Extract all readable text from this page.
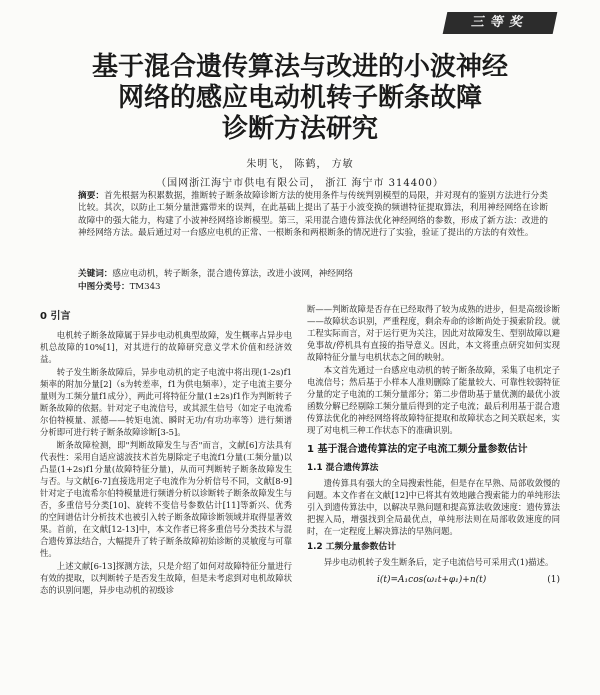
三等奖
基于混合遗传算法与改进的小波神经
网络的感应电动机转子断条故障
诊断方法研究
朱明飞， 陈鹤， 方敏
（国网浙江海宁市供电有限公司， 浙江 海宁市 314400）
摘要：首先根据为积累数据，推断转子断条故障诊断方法的使用条件与传统判别模型的局限，并对现有的鉴别方法进行分类比较。其次，以防止工频分量泄露带来的误判，在此基础上提出了基于小波变换的频谱特征提取算法，利用神经网络在诊断故障中的强大能力，构建了小波神经网络诊断模型。第三，采用混合遗传算法优化神经网络的参数，形成了新方法：改进的神经网络方法。最后通过对一台感应电机的正常、一根断条和两根断条的情况进行了实验，验证了提出的方法的有效性。
关键词：感应电动机，转子断条，混合遗传算法，改进小波网，神经网络
中图分类号：TM343
0 引言

电机转子断条故障属于异步电动机典型故障，发生概率占异步电机总故障的10%[1]，对其进行的故障研究意义学术价值和经济效益。

转子发生断条故障后，异步电动机的定子电流中将出现(1-2s)f1频率的附加分量[2]（s为转差率，f1为供电频率），定子电流主要分量则为工频分量f1成分），两此可将特征分量(1±2s)f1作为判断转子断条故障的依据。针对定子电流信号，或其派生信号（如定子电流希尔伯特模量、派德——转矩电流、瞬时无功/有功功率等）进行频谱分析即可进行转子断条故障诊断[3-5]。

断条故障检测，即"判断故障发生与否"而言，文献[6]方法具有代表性：采用自适应滤波技术首先剔除定子电流f1分量(工频分量)以凸显(1+2s)f1分量(故障特征分量)，从而可判断转子断条故障发生与否。与文献[6-7]直接选用定子电流作为分析信号不同，文献[8-9]针对定子电流希尔伯特模量进行频谱分析以诊断转子断条故障发生与否，多重信号分类[10]、旋转不变信号参数估计[11]等新兴、优秀的空间谱估计分析技术也被引入转子断条故障诊断领域并取得显著效果。首前，在文献[12-13]中，本文作者已将多重信号分类技术与混合遗传算法结合，大幅提升了转子断条故障初始诊断的灵敏度与可靠性。

上述文献[6-13]探测方法，只是介绍了如何对故障特征分量进行有效的提取，以判断转子是否发生故障，但是未考虑到对电机故障状态的识别问题，异步电动机的初级诊

断——判断故障是否存在已经取得了较为成熟的进步，但是高级诊断——故障状态识别，严重程度，剩余寿命的诊断尚处于摸索阶段。就工程实际而言，对于运行更为关注，因此对故障发生、型别故障以避免事故/停机具有直接的指导意义。因此，本文将重点研究如何实现故障特征分量与电机状态之间的映射。

本文首先通过一台感应电动机的转子断条故障，采集了电机定子电流信号；然后基于小样本人准则删除了能量较大、可靠性较弱特征分量的定子电流的工频分量部分；第二步借助基于量优测的最优小波函数分解已经剔除工频分量后得到的定子电流；最后利用基于混合遗传算法优化的神经网络将故障特征提取和故障状态之间关联起来，实现了对电机三种工作状态下的准确识别。

1 基于混合遗传算法的定子电流工频分量参数估计
1.1 混合遗传算法

遗传算具有强大的全局搜索性能，但是存在早熟、局部收敛慢的问题。本文作者在文献[12]中已将其有效地融合搜索能力的单纯形法引入到遗传算法中，以解决早熟问题和提高算法收敛速度：遗传算法把握入局，增强找到全局最优点，单纯形法则在局部收敛速度的同时，在一定程度上解决算法的早熟问题。

1.2 工频分量参数估计

异步电动机转子发生断条后，定子电流信号可采用式(1)描述。

i(t)=A₁cos(ω₁t+φ₁)+n(t)	(1)
